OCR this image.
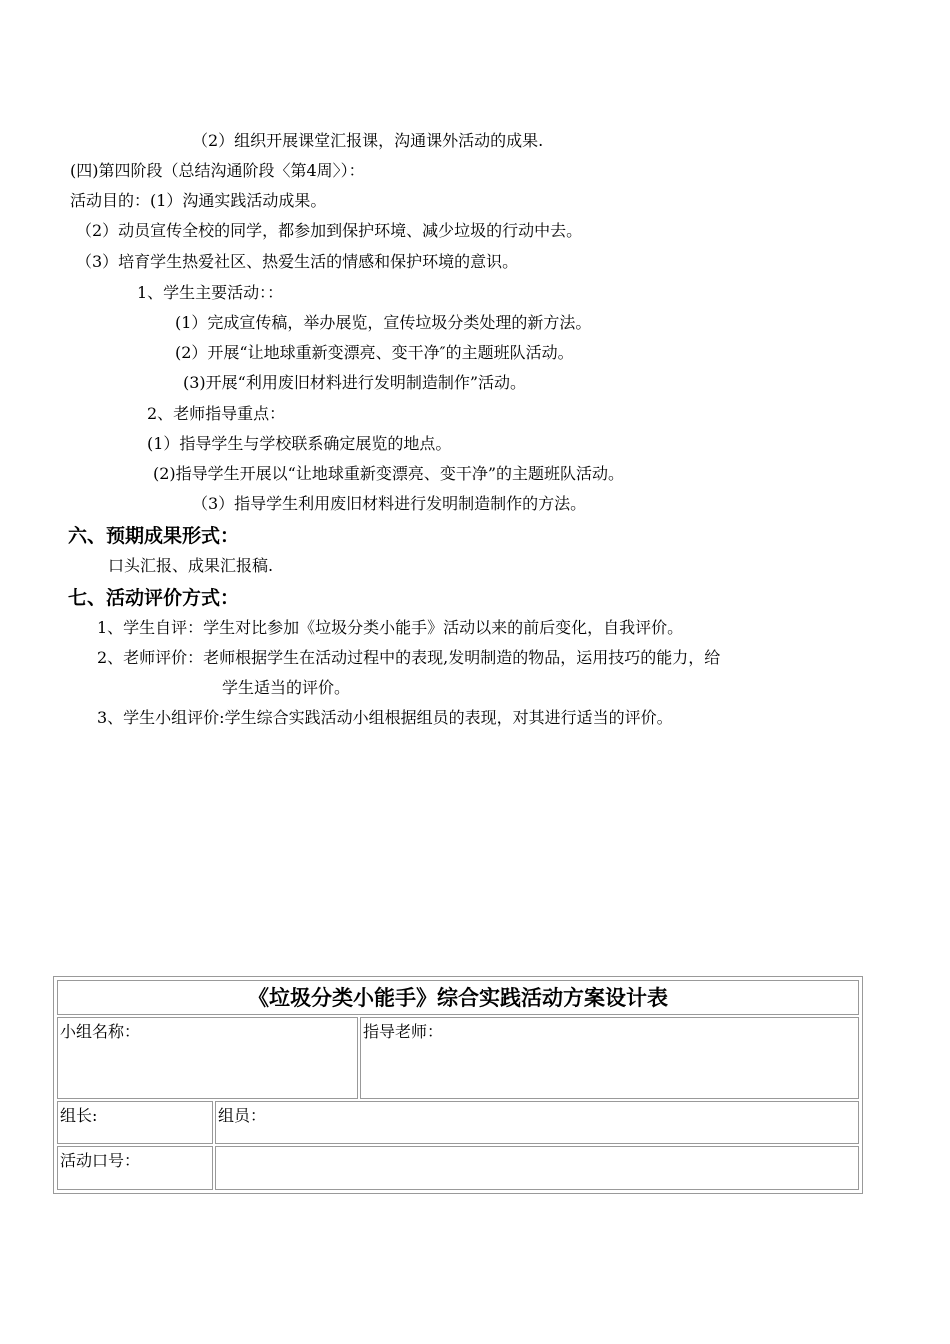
（2）组织开展课堂汇报课，沟通课外活动的成果.
(四)第四阶段（总结沟通阶段〈第4周〉）：
活动目的：(1）沟通实践活动成果。
（2）动员宣传全校的同学，都参加到保护环境、减少垃圾的行动中去。
（3）培育学生热爱社区、热爱生活的情感和保护环境的意识。
1、学生主要活动：：
(1）完成宣传稿，举办展览，宣传垃圾分类处理的新方法。
(2）开展“让地球重新变漂亮、变干净″的主题班队活动。
(3)开展“利用废旧材料进行发明制造制作”活动。
2、老师指导重点：
(1）指导学生与学校联系确定展览的地点。
(2)指导学生开展以“让地球重新变漂亮、变干净”的主题班队活动。
（3）指导学生利用废旧材料进行发明制造制作的方法。
六、预期成果形式：
口头汇报、成果汇报稿.
七、活动评价方式：
1、学生自评：学生对比参加《垃圾分类小能手》活动以来的前后变化，自我评价。
2、老师评价：老师根据学生在活动过程中的表现,发明制造的物品，运用技巧的能力，给
学生适当的评价。
3、学生小组评价:学生综合实践活动小组根据组员的表现，对其进行适当的评价。
《垃圾分类小能手》综合实践活动方案设计表
小组名称：	指导老师：
组长:	组员：
活动口号：
